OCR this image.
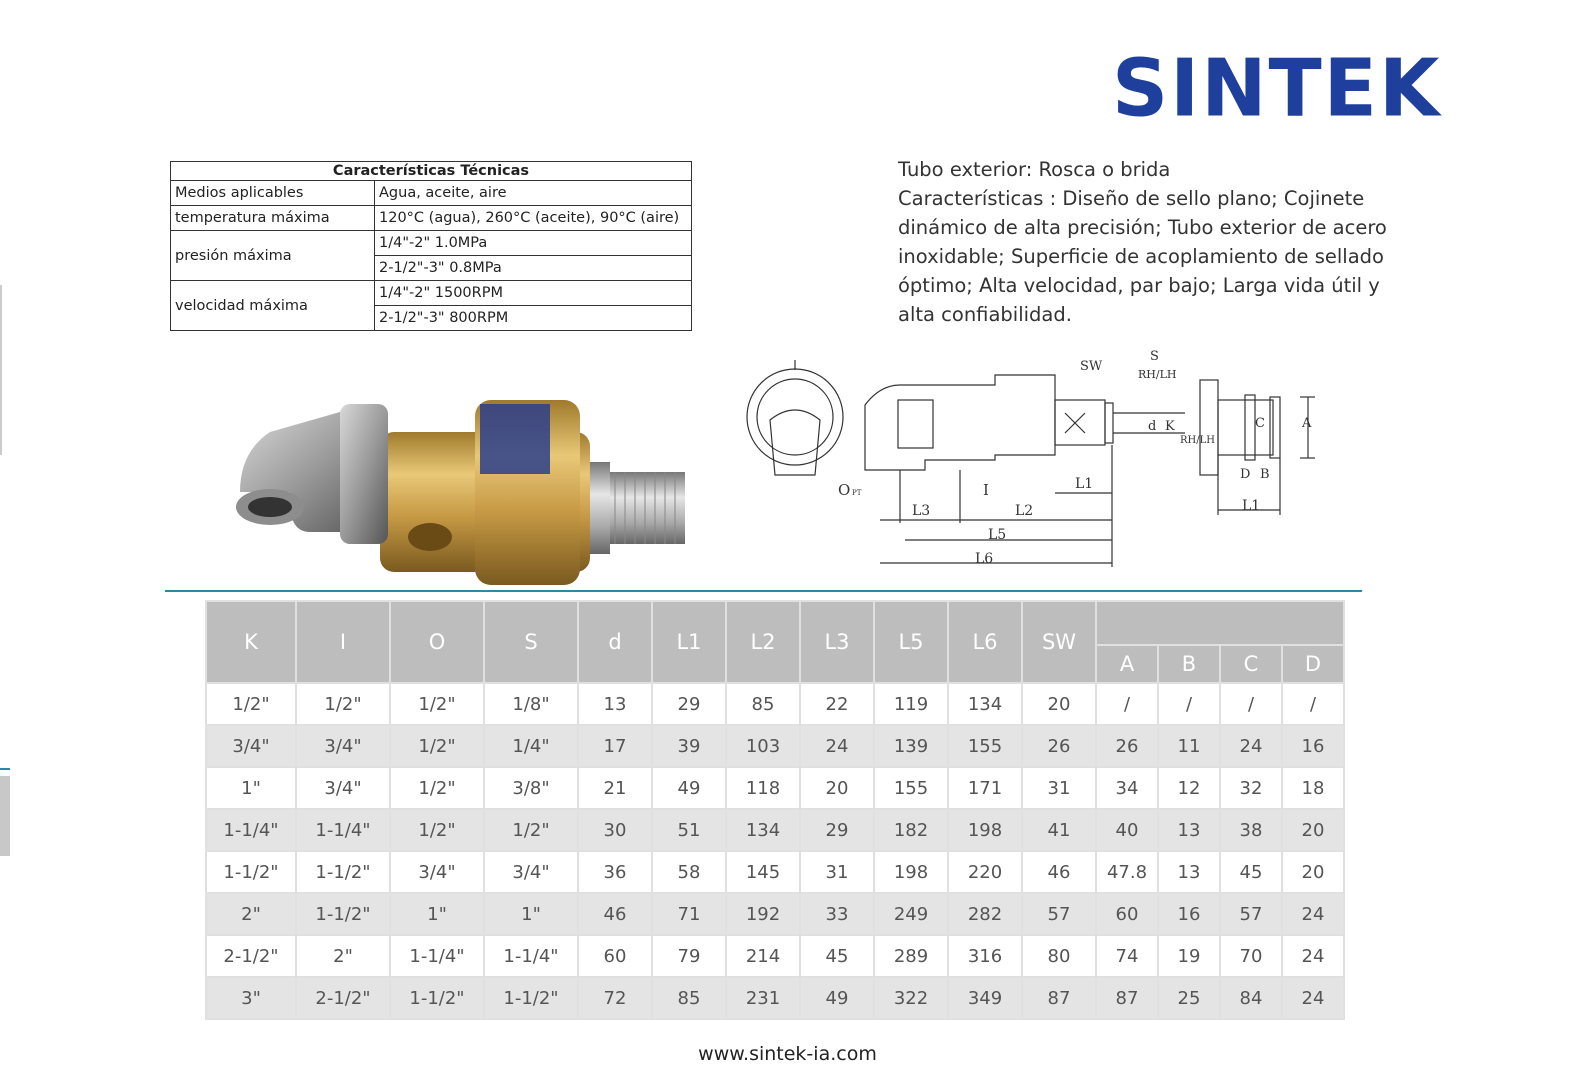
SINTEK
Características Técnicas	
Medios aplicables	Agua, aceite, aire
temperatura máxima	120°C (agua), 260°C (aceite), 90°C (aire)
presión máxima	1/4"-2" 1.0MPa
	2-1/2"-3" 0.8MPa
velocidad máxima	1/4"-2" 1500RPM
	2-1/2"-3" 800RPM
Tubo exterior: Rosca o brida
Características : Diseño de sello plano; Cojinete dinámico de alta precisión; Tubo exterior de acero inoxidable; Superficie de acoplamiento de sellado óptimo; Alta velocidad, par bajo; Larga vida útil y alta confiabilidad.
SW
S
RH/LH
d K
RH/LH
O PT	I	L1
L2
L3
L5
L6
C	A
D B
L1
K	I	O	S	d	L1	L2	L3	L5	L6	SW				
											A	B	C	D
1/2"	1/2"	1/2"	1/8"	13	29	85	22	119	134	20	/	/	/	/
3/4"	3/4"	1/2"	1/4"	17	39	103	24	139	155	26	26	11	24	16
1"	3/4"	1/2"	3/8"	21	49	118	20	155	171	31	34	12	32	18
1-1/4"	1-1/4"	1/2"	1/2"	30	51	134	29	182	198	41	40	13	38	20
1-1/2"	1-1/2"	3/4"	3/4"	36	58	145	31	198	220	46	47.8	13	45	20
2"	1-1/2"	1"	1"	46	71	192	33	249	282	57	60	16	57	24
2-1/2"	2"	1-1/4"	1-1/4"	60	79	214	45	289	316	80	74	19	70	24
3"	2-1/2"	1-1/2"	1-1/2"	72	85	231	49	322	349	87	87	25	84	24
www.sintek-ia.com
